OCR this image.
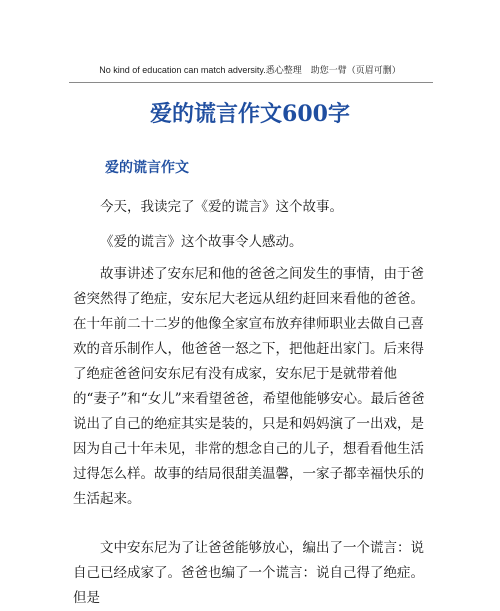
No kind of education can match adversity.悉心整理　助您一臂（页眉可删）
爱的谎言作文600字
爱的谎言作文

今天，我读完了《爱的谎言》这个故事。

《爱的谎言》这个故事令人感动。

故事讲述了安东尼和他的爸爸之间发生的事情，由于爸爸突然得了绝症，安东尼大老远从纽约赶回来看他的爸爸。在十年前二十二岁的他像全家宣布放弃律师职业去做自己喜欢的音乐制作人，他爸爸一怒之下，把他赶出家门。后来得了绝症爸爸问安东尼有没有成家，安东尼于是就带着他的“妻子”和“女儿”来看望爸爸，希望他能够安心。最后爸爸说出了自己的绝症其实是装的，只是和妈妈演了一出戏，是因为自己十年未见，非常的想念自己的儿子，想看看他生活过得怎么样。故事的结局很甜美温馨，一家子都幸福快乐的生活起来。

文中安东尼为了让爸爸能够放心，编出了一个谎言：说自己已经成家了。爸爸也编了一个谎言：说自己得了绝症。但是
